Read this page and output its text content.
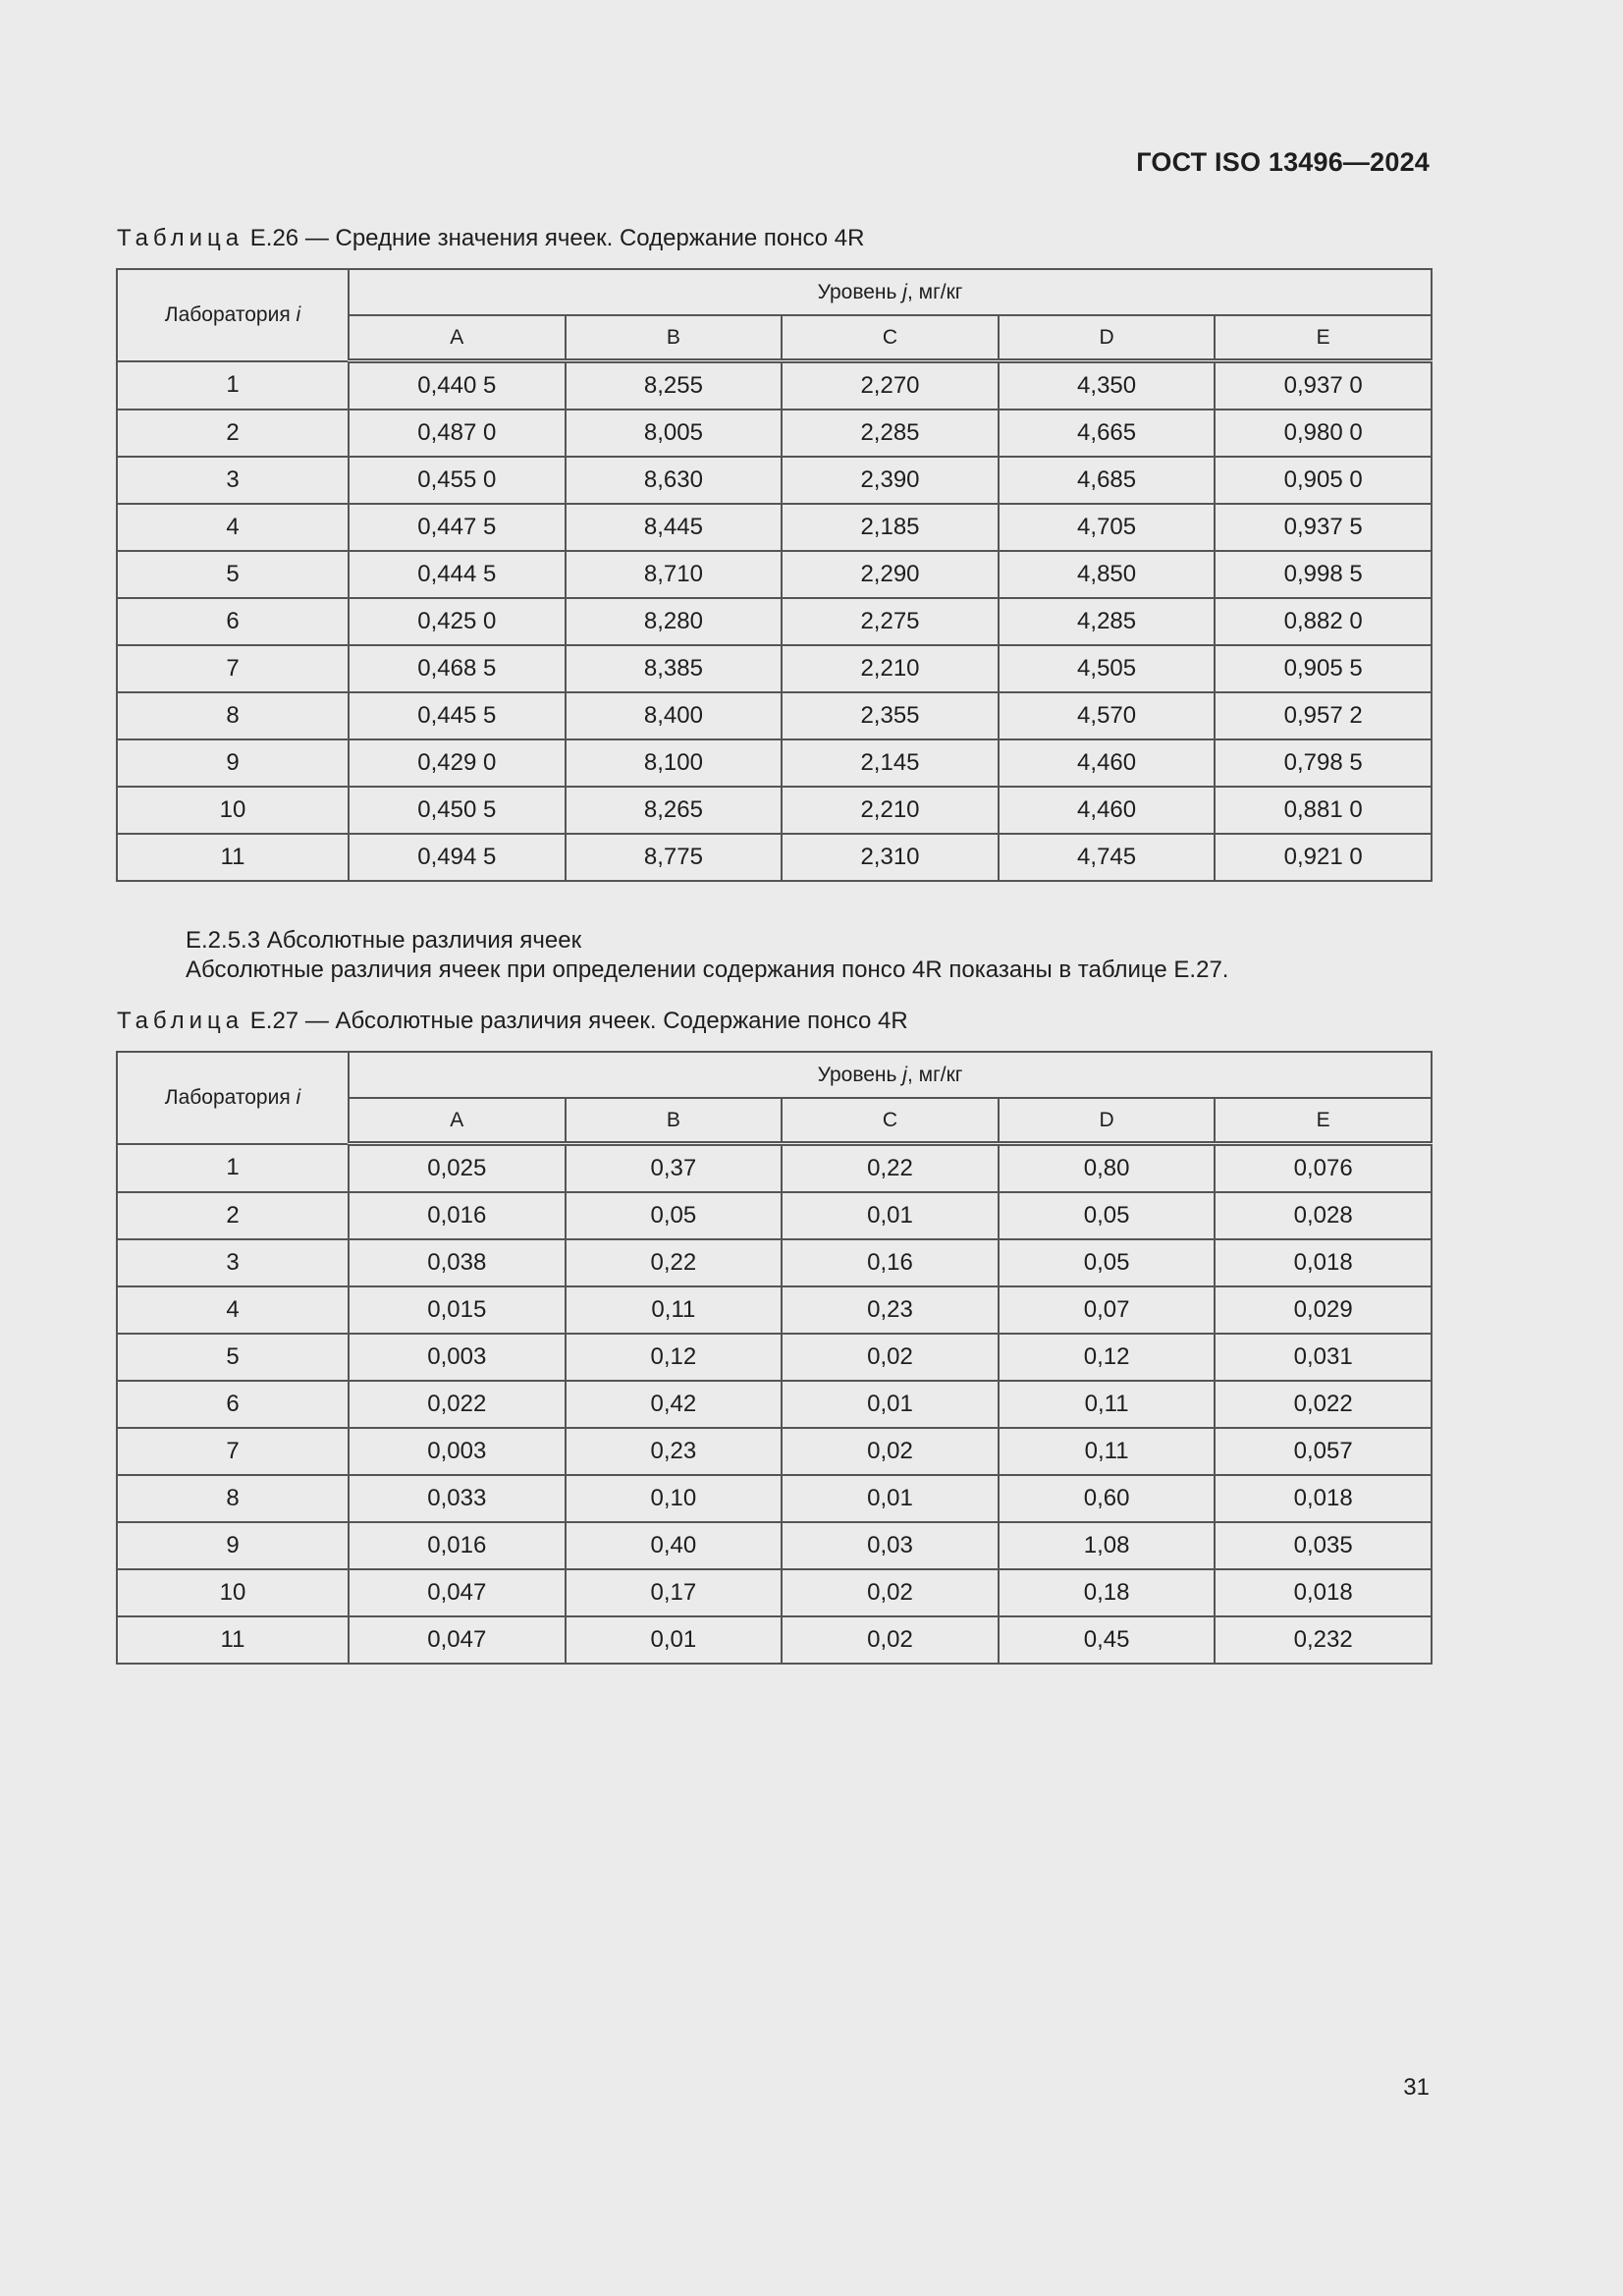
ГОСТ ISO 13496—2024
Таблица Е.26 — Средние значения ячеек. Содержание понсо 4R
Лаборатория i	Уровень j, мг/кг				
	A	B	C	D	E
1	0,440 5	8,255	2,270	4,350	0,937 0
2	0,487 0	8,005	2,285	4,665	0,980 0
3	0,455 0	8,630	2,390	4,685	0,905 0
4	0,447 5	8,445	2,185	4,705	0,937 5
5	0,444 5	8,710	2,290	4,850	0,998 5
6	0,425 0	8,280	2,275	4,285	0,882 0
7	0,468 5	8,385	2,210	4,505	0,905 5
8	0,445 5	8,400	2,355	4,570	0,957 2
9	0,429 0	8,100	2,145	4,460	0,798 5
10	0,450 5	8,265	2,210	4,460	0,881 0
11	0,494 5	8,775	2,310	4,745	0,921 0
Е.2.5.3 Абсолютные различия ячеек
Абсолютные различия ячеек при определении содержания понсо 4R показаны в таблице Е.27.
Таблица Е.27 — Абсолютные различия ячеек. Содержание понсо 4R
Лаборатория i	Уровень j, мг/кг				
	A	B	C	D	E
1	0,025	0,37	0,22	0,80	0,076
2	0,016	0,05	0,01	0,05	0,028
3	0,038	0,22	0,16	0,05	0,018
4	0,015	0,11	0,23	0,07	0,029
5	0,003	0,12	0,02	0,12	0,031
6	0,022	0,42	0,01	0,11	0,022
7	0,003	0,23	0,02	0,11	0,057
8	0,033	0,10	0,01	0,60	0,018
9	0,016	0,40	0,03	1,08	0,035
10	0,047	0,17	0,02	0,18	0,018
11	0,047	0,01	0,02	0,45	0,232
31
